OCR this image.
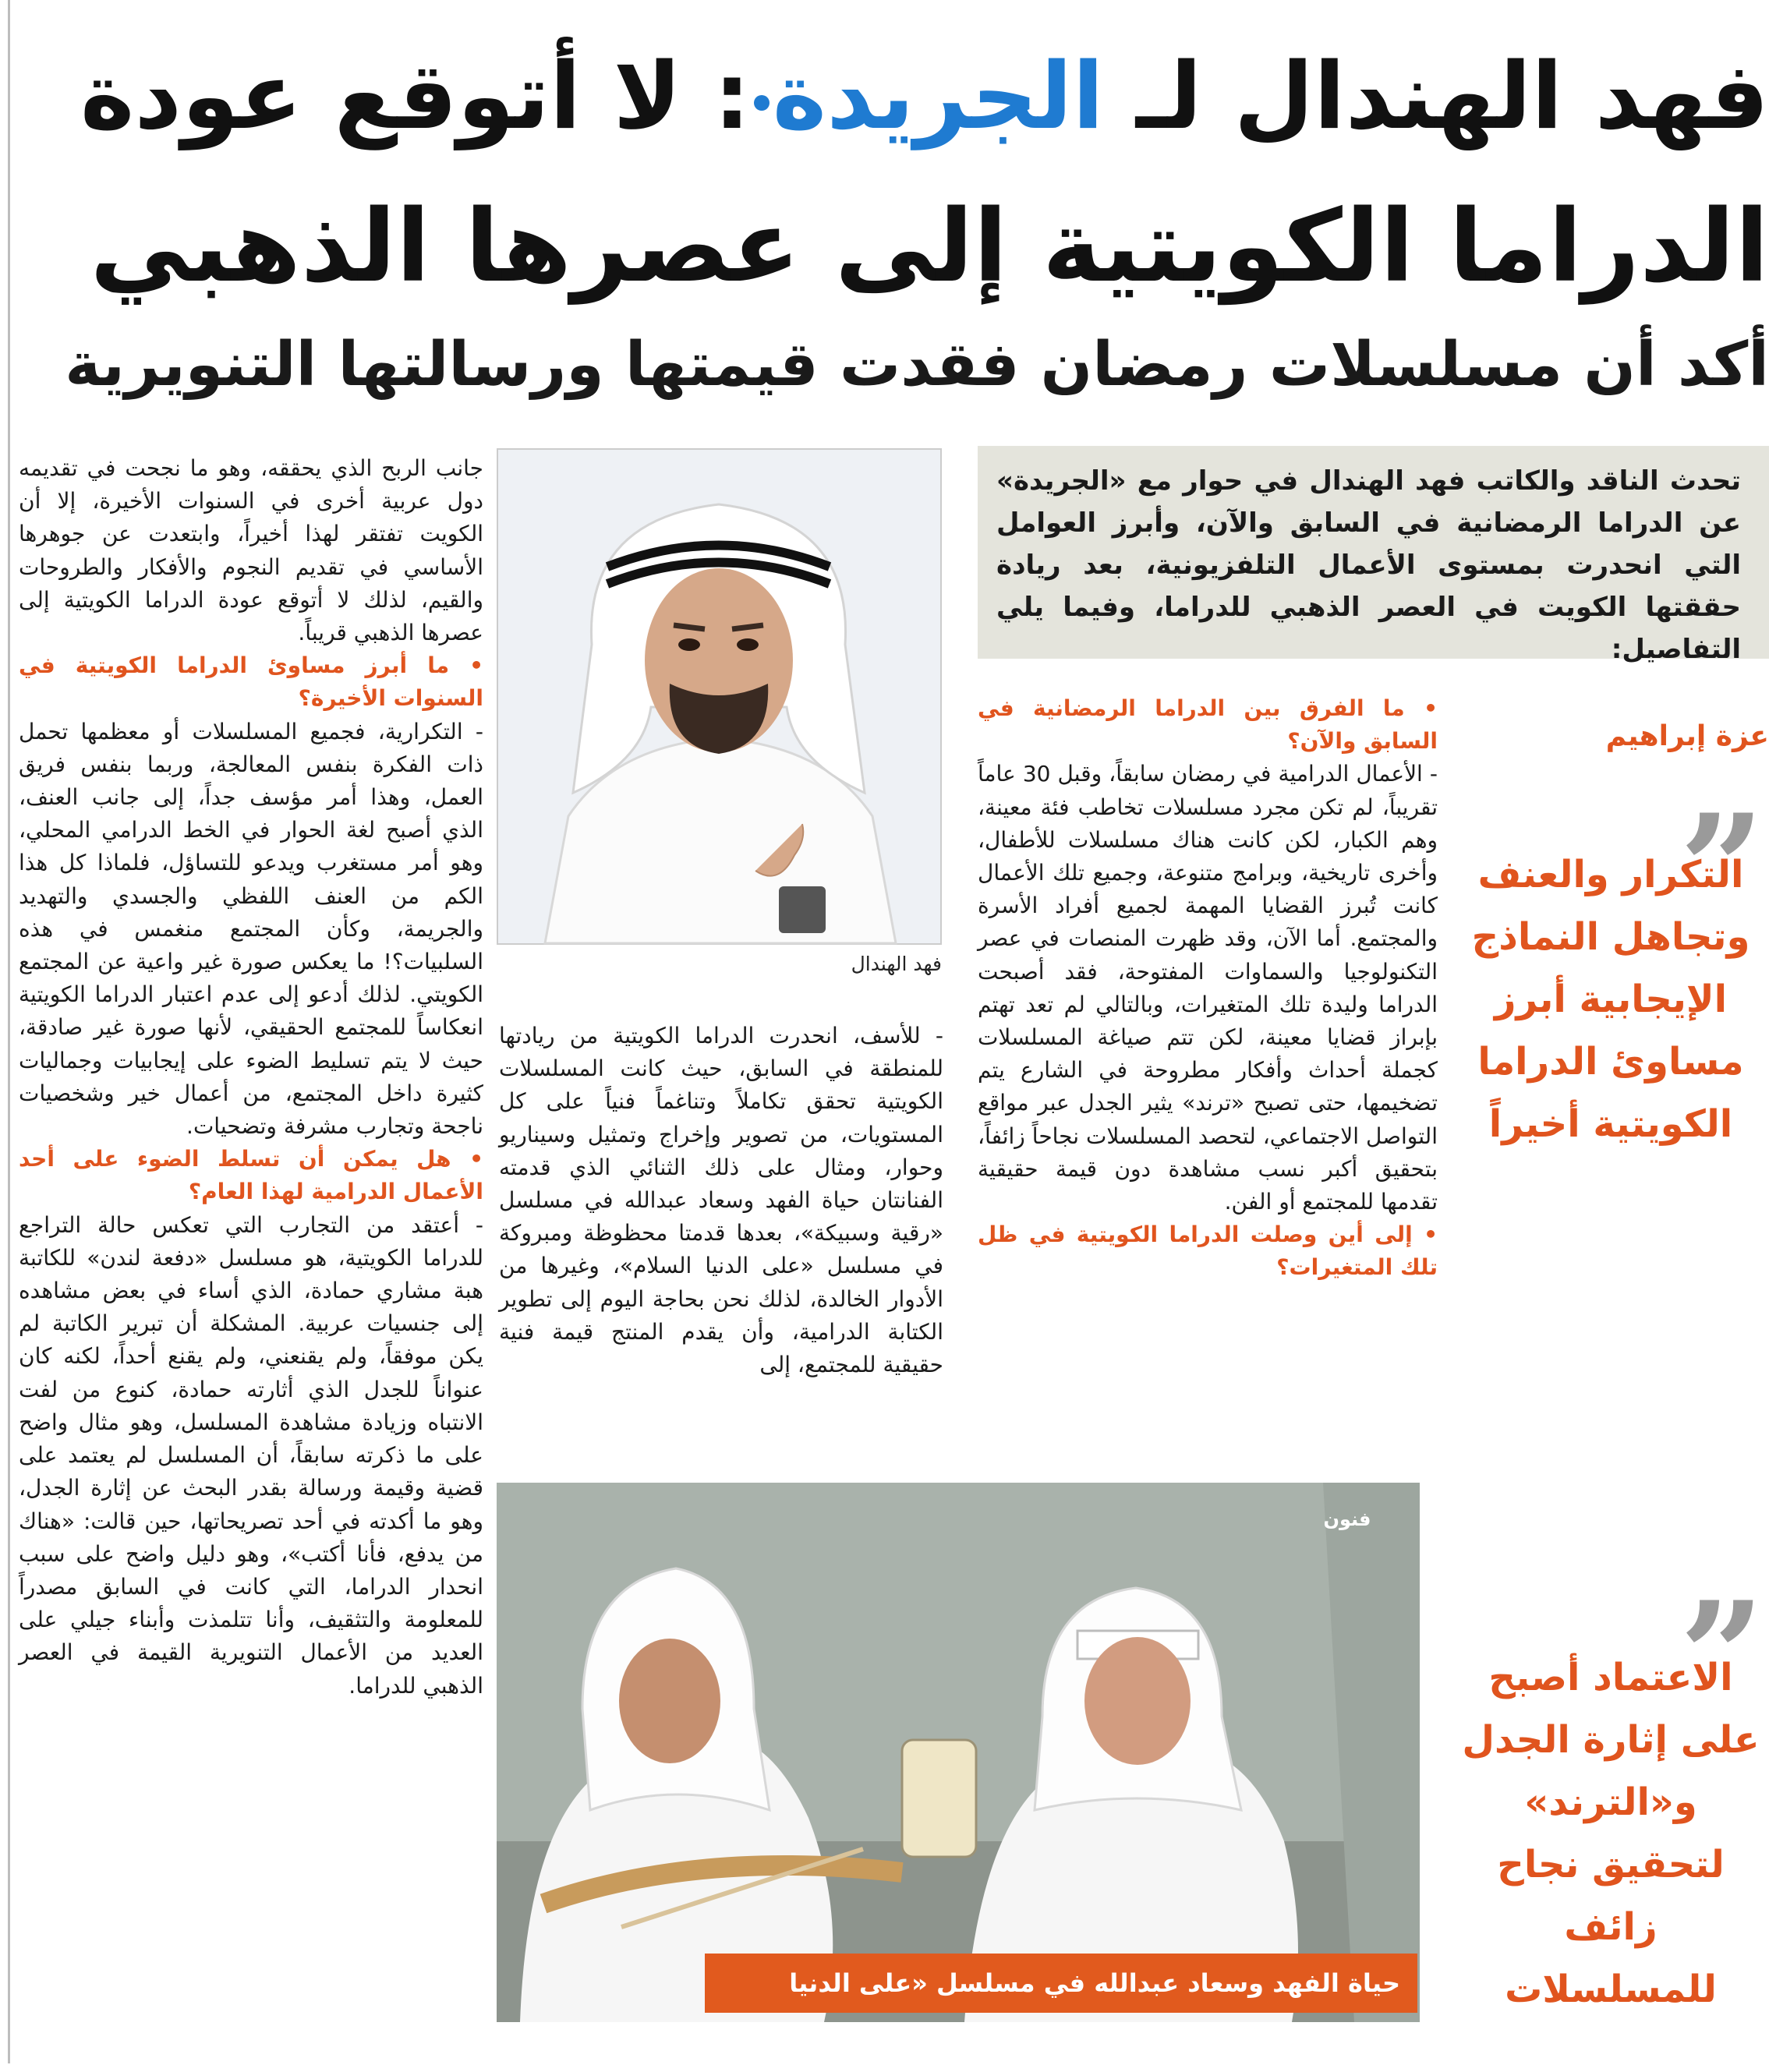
فهد الهندال لـ الجريدة: لا أتوقع عودة
الدراما الكويتية إلى عصرها الذهبي
أكد أن مسلسلات رمضان فقدت قيمتها ورسالتها التنويرية

تحدث الناقد والكاتب فهد الهندال في حوار مع «الجريدة» عن الدراما الرمضانية في السابق والآن، وأبرز العوامل التي انحدرت بمستوى الأعمال التلفزيونية، بعد ريادة حققتها الكويت في العصر الذهبي للدراما، وفيما يلي التفاصيل:

عزة إبراهيم
”
التكرار والعنف وتجاهل النماذج الإيجابية أبرز مساوئ الدراما الكويتية أخيراً
”
الاعتماد أصبح على إثارة الجدل و«الترند» لتحقيق نجاح زائف للمسلسلات

• ما الفرق بين الدراما الرمضانية في السابق والآن؟

- الأعمال الدرامية في رمضان سابقاً، وقبل 30 عاماً تقريباً، لم تكن مجرد مسلسلات تخاطب فئة معينة، وهم الكبار، لكن كانت هناك مسلسلات للأطفال، وأخرى تاريخية، وبرامج متنوعة، وجميع تلك الأعمال كانت تُبرز القضايا المهمة لجميع أفراد الأسرة والمجتمع. أما الآن، وقد ظهرت المنصات في عصر التكنولوجيا والسماوات المفتوحة، فقد أصبحت الدراما وليدة تلك المتغيرات، وبالتالي لم تعد تهتم بإبراز قضايا معينة، لكن تتم صياغة المسلسلات كجملة أحداث وأفكار مطروحة في الشارع يتم تضخيمها، حتى تصبح «ترند» يثير الجدل عبر مواقع التواصل الاجتماعي، لتحصد المسلسلات نجاحاً زائفاً، بتحقيق أكبر نسب مشاهدة دون قيمة حقيقية تقدمها للمجتمع أو الفن.

• إلى أين وصلت الدراما الكويتية في ظل تلك المتغيرات؟

فهد الهندال

- للأسف، انحدرت الدراما الكويتية من ريادتها للمنطقة في السابق، حيث كانت المسلسلات الكويتية تحقق تكاملاً وتناغماً فنياً على كل المستويات، من تصوير وإخراج وتمثيل وسيناريو وحوار، ومثال على ذلك الثنائي الذي قدمته الفنانتان حياة الفهد وسعاد عبدالله في مسلسل «رقية وسبيكة»، بعدها قدمتا محظوظة ومبروكة في مسلسل «على الدنيا السلام»، وغيرها من الأدوار الخالدة، لذلك نحن بحاجة اليوم إلى تطوير الكتابة الدرامية، وأن يقدم المنتج قيمة فنية حقيقية للمجتمع، إلى

جانب الربح الذي يحققه، وهو ما نجحت في تقديمه دول عربية أخرى في السنوات الأخيرة، إلا أن الكويت تفتقر لهذا أخيراً، وابتعدت عن جوهرها الأساسي في تقديم النجوم والأفكار والطروحات والقيم، لذلك لا أتوقع عودة الدراما الكويتية إلى عصرها الذهبي قريباً.

• ما أبرز مساوئ الدراما الكويتية في السنوات الأخيرة؟

- التكرارية، فجميع المسلسلات أو معظمها تحمل ذات الفكرة بنفس المعالجة، وربما بنفس فريق العمل، وهذا أمر مؤسف جداً، إلى جانب العنف، الذي أصبح لغة الحوار في الخط الدرامي المحلي، وهو أمر مستغرب ويدعو للتساؤل، فلماذا كل هذا الكم من العنف اللفظي والجسدي والتهديد والجريمة، وكأن المجتمع منغمس في هذه السلبيات؟! ما يعكس صورة غير واعية عن المجتمع الكويتي. لذلك أدعو إلى عدم اعتبار الدراما الكويتية انعكاساً للمجتمع الحقيقي، لأنها صورة غير صادقة، حيث لا يتم تسليط الضوء على إيجابيات وجماليات كثيرة داخل المجتمع، من أعمال خير وشخصيات ناجحة وتجارب مشرفة وتضحيات.

• هل يمكن أن تسلط الضوء على أحد الأعمال الدرامية لهذا العام؟

- أعتقد من التجارب التي تعكس حالة التراجع للدراما الكويتية، هو مسلسل «دفعة لندن» للكاتبة هبة مشاري حمادة، الذي أساء في بعض مشاهده إلى جنسيات عربية. المشكلة أن تبرير الكاتبة لم يكن موفقاً، ولم يقنعني، ولم يقنع أحداً، لكنه كان عنواناً للجدل الذي أثارته حمادة، كنوع من لفت الانتباه وزيادة مشاهدة المسلسل، وهو مثال واضح على ما ذكرته سابقاً، أن المسلسل لم يعتمد على قضية وقيمة ورسالة بقدر البحث عن إثارة الجدل، وهو ما أكدته في أحد تصريحاتها، حين قالت: «هناك من يدفع، فأنا أكتب»، وهو دليل واضح على سبب انحدار الدراما، التي كانت في السابق مصدراً للمعلومة والتثقيف، وأنا تتلمذت وأبناء جيلي على العديد من الأعمال التنويرية القيمة في العصر الذهبي للدراما.

فنون
حياة الفهد وسعاد عبدالله في مسلسل «على الدنيا السلام»
